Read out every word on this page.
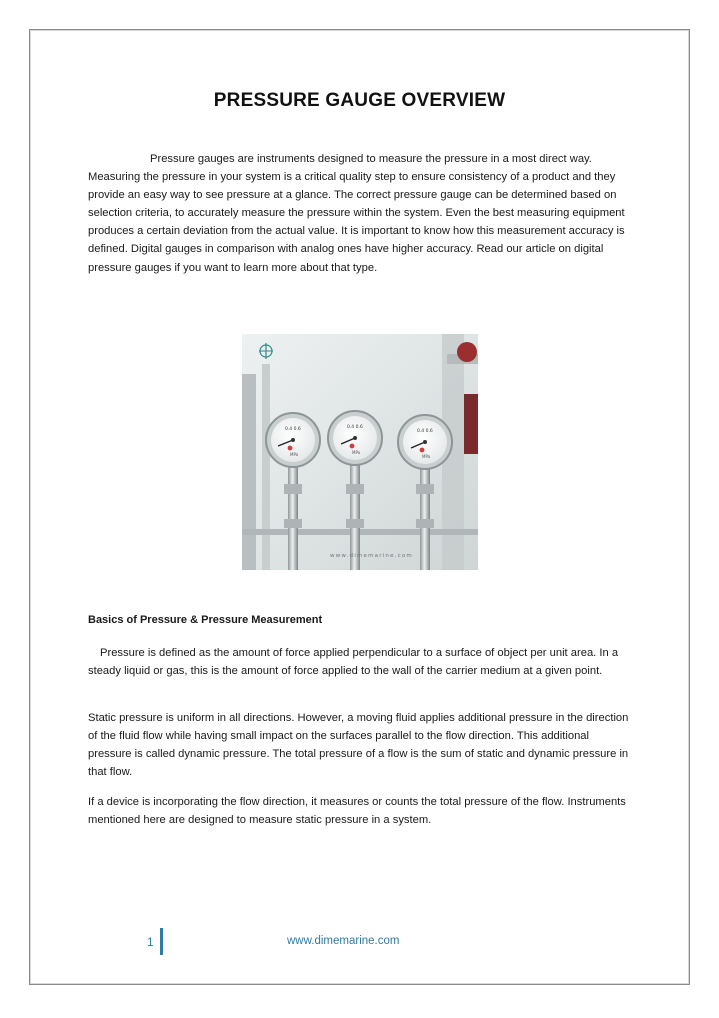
PRESSURE GAUGE OVERVIEW

Pressure gauges are instruments designed to measure the pressure in a most direct way. Measuring the pressure in your system is a critical quality step to ensure consistency of a product and they provide an easy way to see pressure at a glance. The correct pressure gauge can be determined based on selection criteria, to accurately measure the pressure within the system. Even the best measuring equipment produces a certain deviation from the actual value. It is important to know how this measurement accuracy is defined. Digital gauges in comparison with analog ones have higher accuracy. Read our article on digital pressure gauges if you want to learn more about that type.

0.4 0.6
MPa
0.4 0.6
MPa
0.4 0.6
MPa
www.dimemarine.com
Basics of Pressure & Pressure Measurement

Pressure is defined as the amount of force applied perpendicular to a surface of object per unit area. In a steady liquid or gas, this is the amount of force applied to the wall of the carrier medium at a given point.

Static pressure is uniform in all directions. However, a moving fluid applies additional pressure in the direction of the fluid flow while having small impact on the surfaces parallel to the flow direction. This additional pressure is called dynamic pressure. The total pressure of a flow is the sum of static and dynamic pressure in that flow.

If a device is incorporating the flow direction, it measures or counts the total pressure of the flow. Instruments mentioned here are designed to measure static pressure in a system.

1	www.dimemarine.com
